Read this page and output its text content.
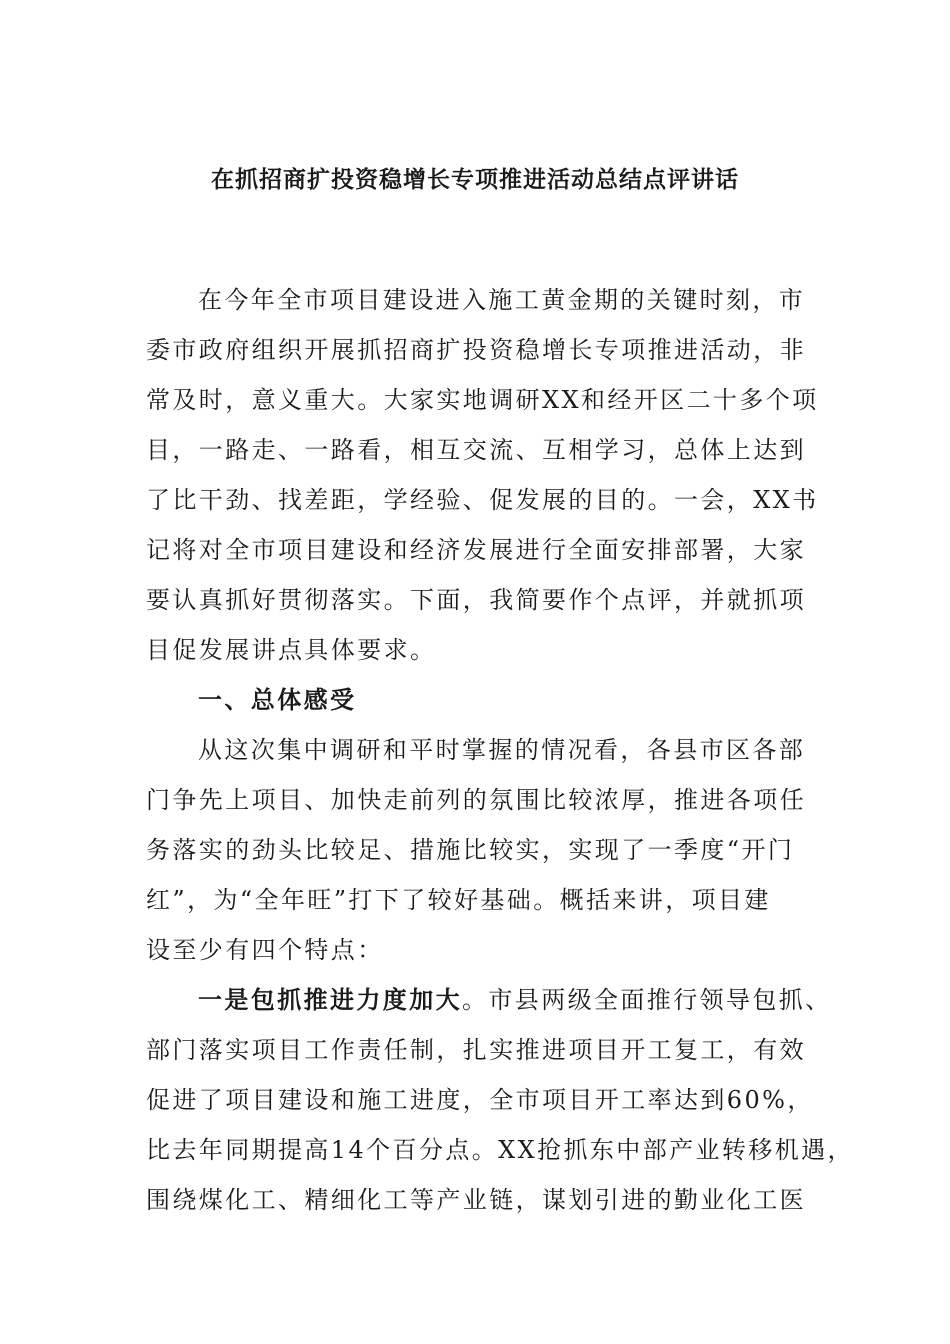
在抓招商扩投资稳增长专项推进活动总结点评讲话
在今年全市项目建设进入施工黄金期的关键时刻，市
委市政府组织开展抓招商扩投资稳增长专项推进活动，非
常及时，意义重大。大家实地调研XX和经开区二十多个项
目，一路走、一路看，相互交流、互相学习，总体上达到
了比干劲、找差距，学经验、促发展的目的。一会，XX书
记将对全市项目建设和经济发展进行全面安排部署，大家
要认真抓好贯彻落实。下面，我简要作个点评，并就抓项
目促发展讲点具体要求。
一、总体感受
从这次集中调研和平时掌握的情况看，各县市区各部
门争先上项目、加快走前列的氛围比较浓厚，推进各项任
务落实的劲头比较足、措施比较实，实现了一季度“开门
红”，为“全年旺”打下了较好基础。概括来讲，项目建
设至少有四个特点：
一是包抓推进力度加大。市县两级全面推行领导包抓、
部门落实项目工作责任制，扎实推进项目开工复工，有效
促进了项目建设和施工进度，全市项目开工率达到60%，
比去年同期提高14个百分点。XX抢抓东中部产业转移机遇，
围绕煤化工、精细化工等产业链，谋划引进的勤业化工医
